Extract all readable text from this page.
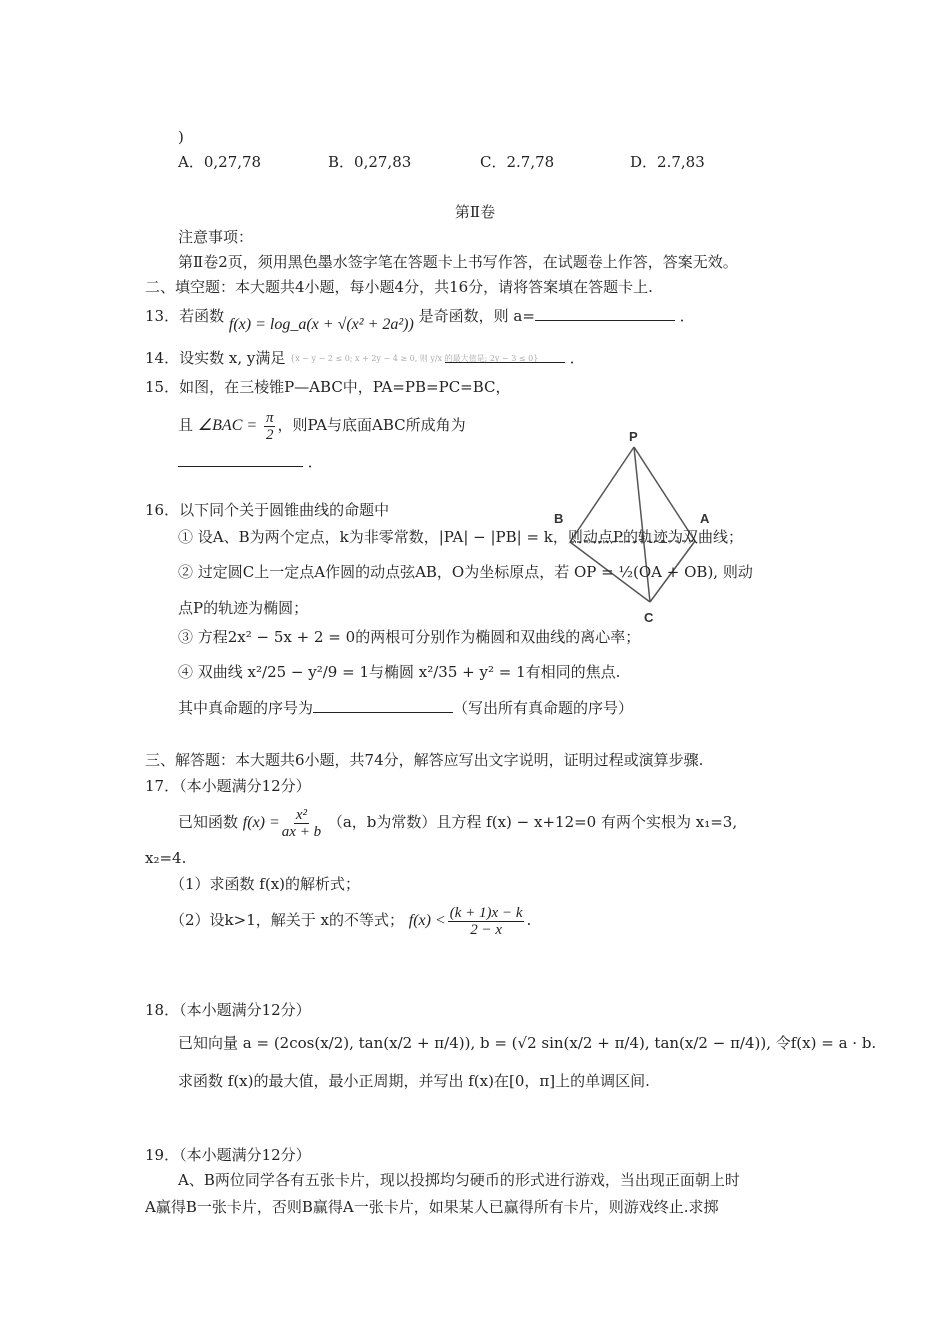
)
A．0,27,78	B．0,27,83	C．2.7,78	D．2.7,83
第Ⅱ卷
注意事项：
第Ⅱ卷2页，须用黑色墨水签字笔在答题卡上书写作答，在试题卷上作答，答案无效。
二、填空题：本大题共4小题，每小题4分，共16分，请将答案填在答题卡上.
13．若函数 f(x) = log_a(x + √(x² + 2a²)) 是奇函数，则 a=	．
14．设实数 x, y满足 {x − y − 2 ≤ 0; x + 2y − 4 ≥ 0, 则 y/x 的最大值是; 2y − 3 ≤ 0} ．
15．如图，在三棱锥P—ABC中，PA=PB=PC=BC，
且 ∠BAC = $\frac{\pi}{2}$ ，则PA与底面ABC所成角为
．
P
B	A
C
16．以下同个关于圆锥曲线的命题中
① 设A、B为两个定点，k为非零常数，|PA| − |PB| = k，则动点P的轨迹为双曲线；
② 过定圆C上一定点A作圆的动点弦AB，O为坐标原点，若 OP = ½(OA + OB), 则动
点P的轨迹为椭圆；
③ 方程2x² − 5x + 2 = 0的两根可分别作为椭圆和双曲线的离心率；
④ 双曲线 x²/25 − y²/9 = 1与椭圆 x²/35 + y² = 1有相同的焦点.
其中真命题的序号为	（写出所有真命题的序号）
三、解答题：本大题共6小题，共74分，解答应写出文字说明，证明过程或演算步骤.
17．（本小题满分12分）
已知函数 $f(x) = \frac{\text{x²}}{ax + b} (a$，b为常数）且方程 f(x) − x+12=0 有两个实根为 x₁=3,
x₂=4.
（1）求函数 f(x)的解析式；
（2）设k>1，解关于 x的不等式； $f(x) < \frac{(k + 1)x - k}{2 - x}$ .
18．（本小题满分12分）
已知向量 a = (2cos(x/2), tan(x/2 + π/4)), b = (√2 sin(x/2 + π/4), tan(x/2 − π/4)), 令f(x) = a · b.
求函数 f(x)的最大值，最小正周期，并写出 f(x)在[0，π]上的单调区间.
19．（本小题满分12分）
A、B两位同学各有五张卡片，现以投掷均匀硬币的形式进行游戏，当出现正面朝上时
A赢得B一张卡片，否则B赢得A一张卡片，如果某人已赢得所有卡片，则游戏终止.求掷
